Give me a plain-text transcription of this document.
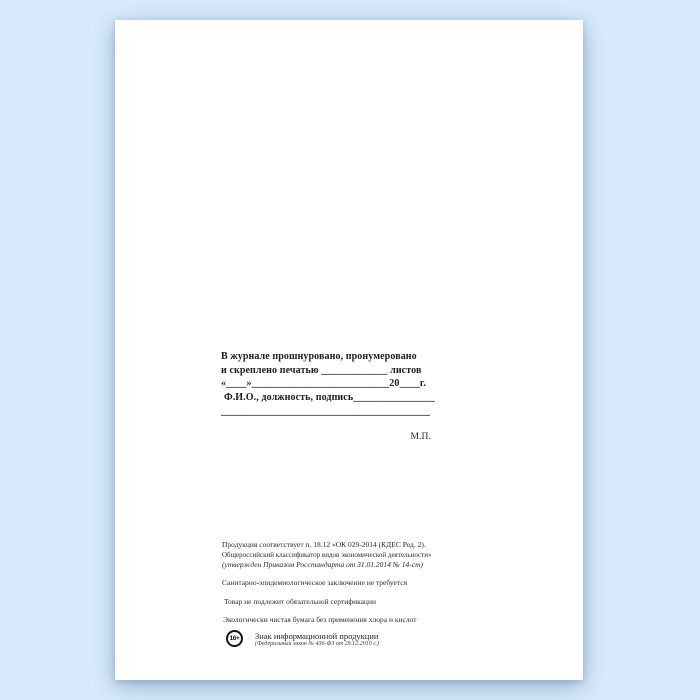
В журнале прошнуровано, пронумеровано
и скреплено печатью _____________ листов
«____»___________________________20____г.
Ф.И.О., должность, подпись________________
_________________________________________
М.П.
Продукция соответствует п. 18.12 «ОК 029-2014 (КДЕС Ред. 2).
Общероссийский классификатор видов экономической деятельности»
(утвержден Приказом Росстандарта от 31.01.2014 № 14-ст)
Санитарно-эпидемиологическое заключение не требуется
Товар не подлежит обязательной сертификации
Экологически чистая бумага без применения хлора и кислот
16+	Знак информационной продукции
(Федеральный закон № 436-ФЗ от 29.12.2010 г.)
